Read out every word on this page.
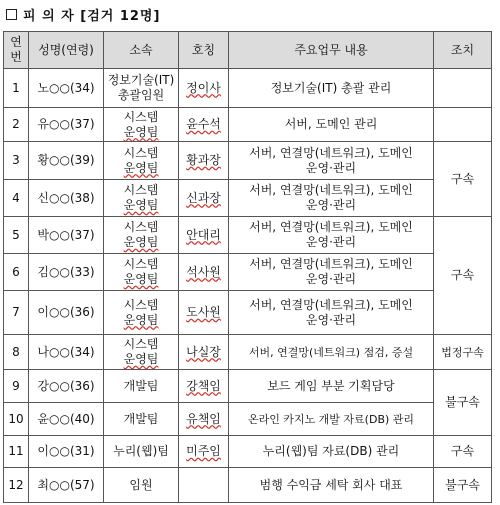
피 의 자 [검거 12명]
연
번	성명(연령)	소속	호칭	주요업무 내용	조치
1	노○○(34)	정보기술(IT)
총괄임원	정이사	정보기술(IT) 총괄 관리	

2	유○○(37)	시스템
운영팀	윤수석	서버, 도메인 관리	

3	황○○(39)	시스템
운영팀	황과장	서버, 연결망(네트워크), 도메인
운영·관리	구속
4	신○○(38)	시스템
운영팀	신과장	서버, 연결망(네트워크), 도메인
운영·관리	

5	박○○(37)	시스템
운영팀	안대리	서버, 연결망(네트워크), 도메인
운영·관리	구속
6	김○○(33)	시스템
운영팀	석사원	서버, 연결망(네트워크), 도메인
운영·관리	

7	이○○(36)	시스템
운영팀	도사원	서버, 연결망(네트워크), 도메인
운영·관리	

8	나○○(34)	시스템
운영팀	나실장	서버, 연결망(네트워크) 점검, 증설	법정구속
9	강○○(36)	개발팀	강책임	보드 게임 부분 기획담당	불구속
10	윤○○(40)	개발팀	유책임	온라인 카지노 개발 자료(DB) 관리	

11	이○○(31)	누리(웹)팀	미주임	누리(웹)팀 자료(DB) 관리	구속
12	최○○(57)	임원		범행 수익금 세탁 회사 대표	불구속
